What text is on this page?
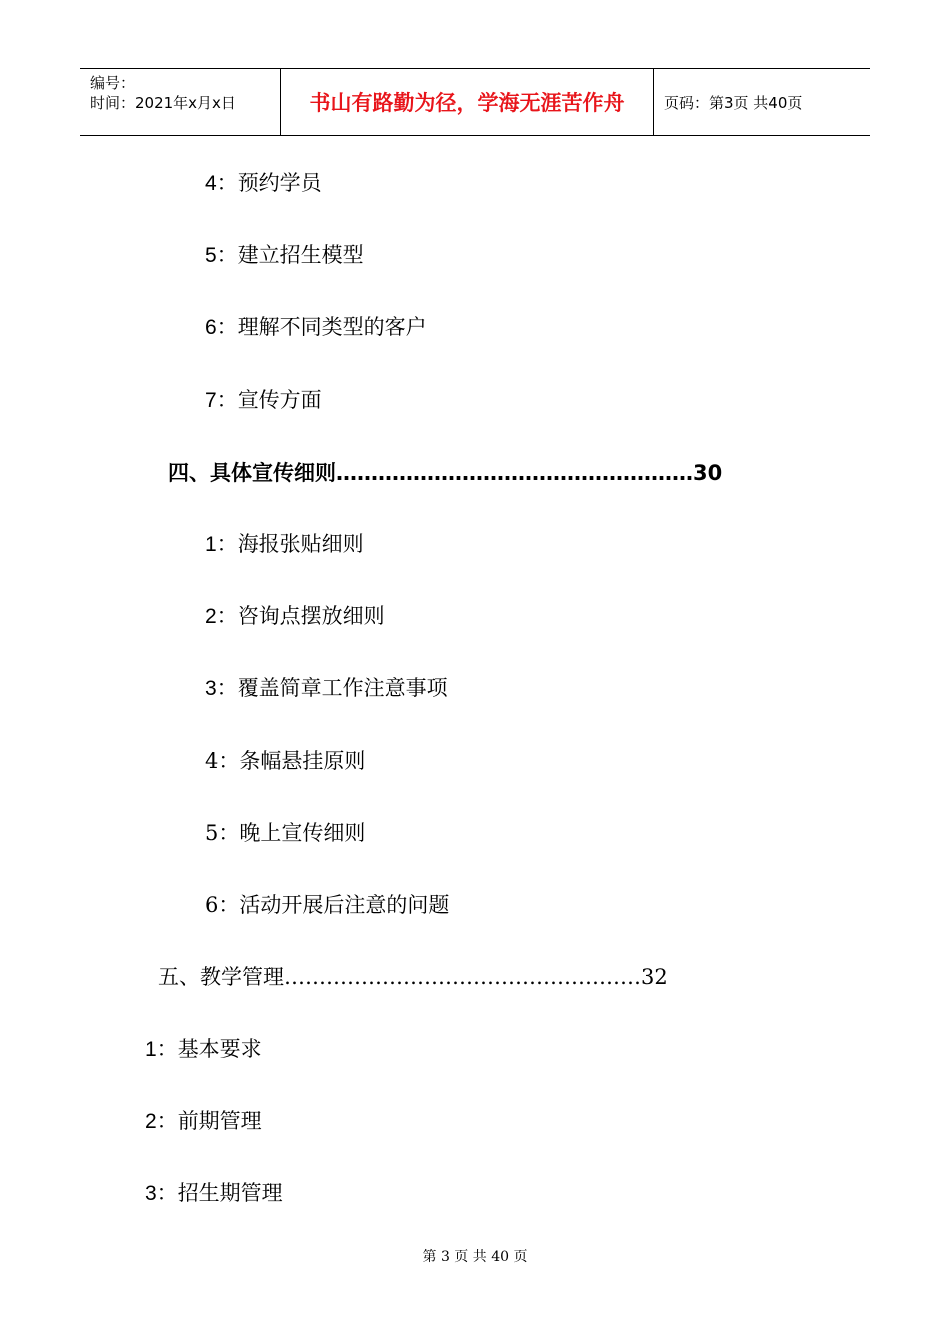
编号：
时间：2021年x月x日	书山有路勤为径，学海无涯苦作舟	页码：第3页 共40页
4：预约学员
5：建立招生模型
6：理解不同类型的客户
7：宣传方面
四、具体宣传细则……………………………………………30
1：海报张贴细则
2：咨询点摆放细则
3：覆盖简章工作注意事项
4：条幅悬挂原则
5：晚上宣传细则
6：活动开展后注意的问题
五、教学管理……………………………………………32
1：基本要求
2：前期管理
3：招生期管理
第 3 页 共 40 页
